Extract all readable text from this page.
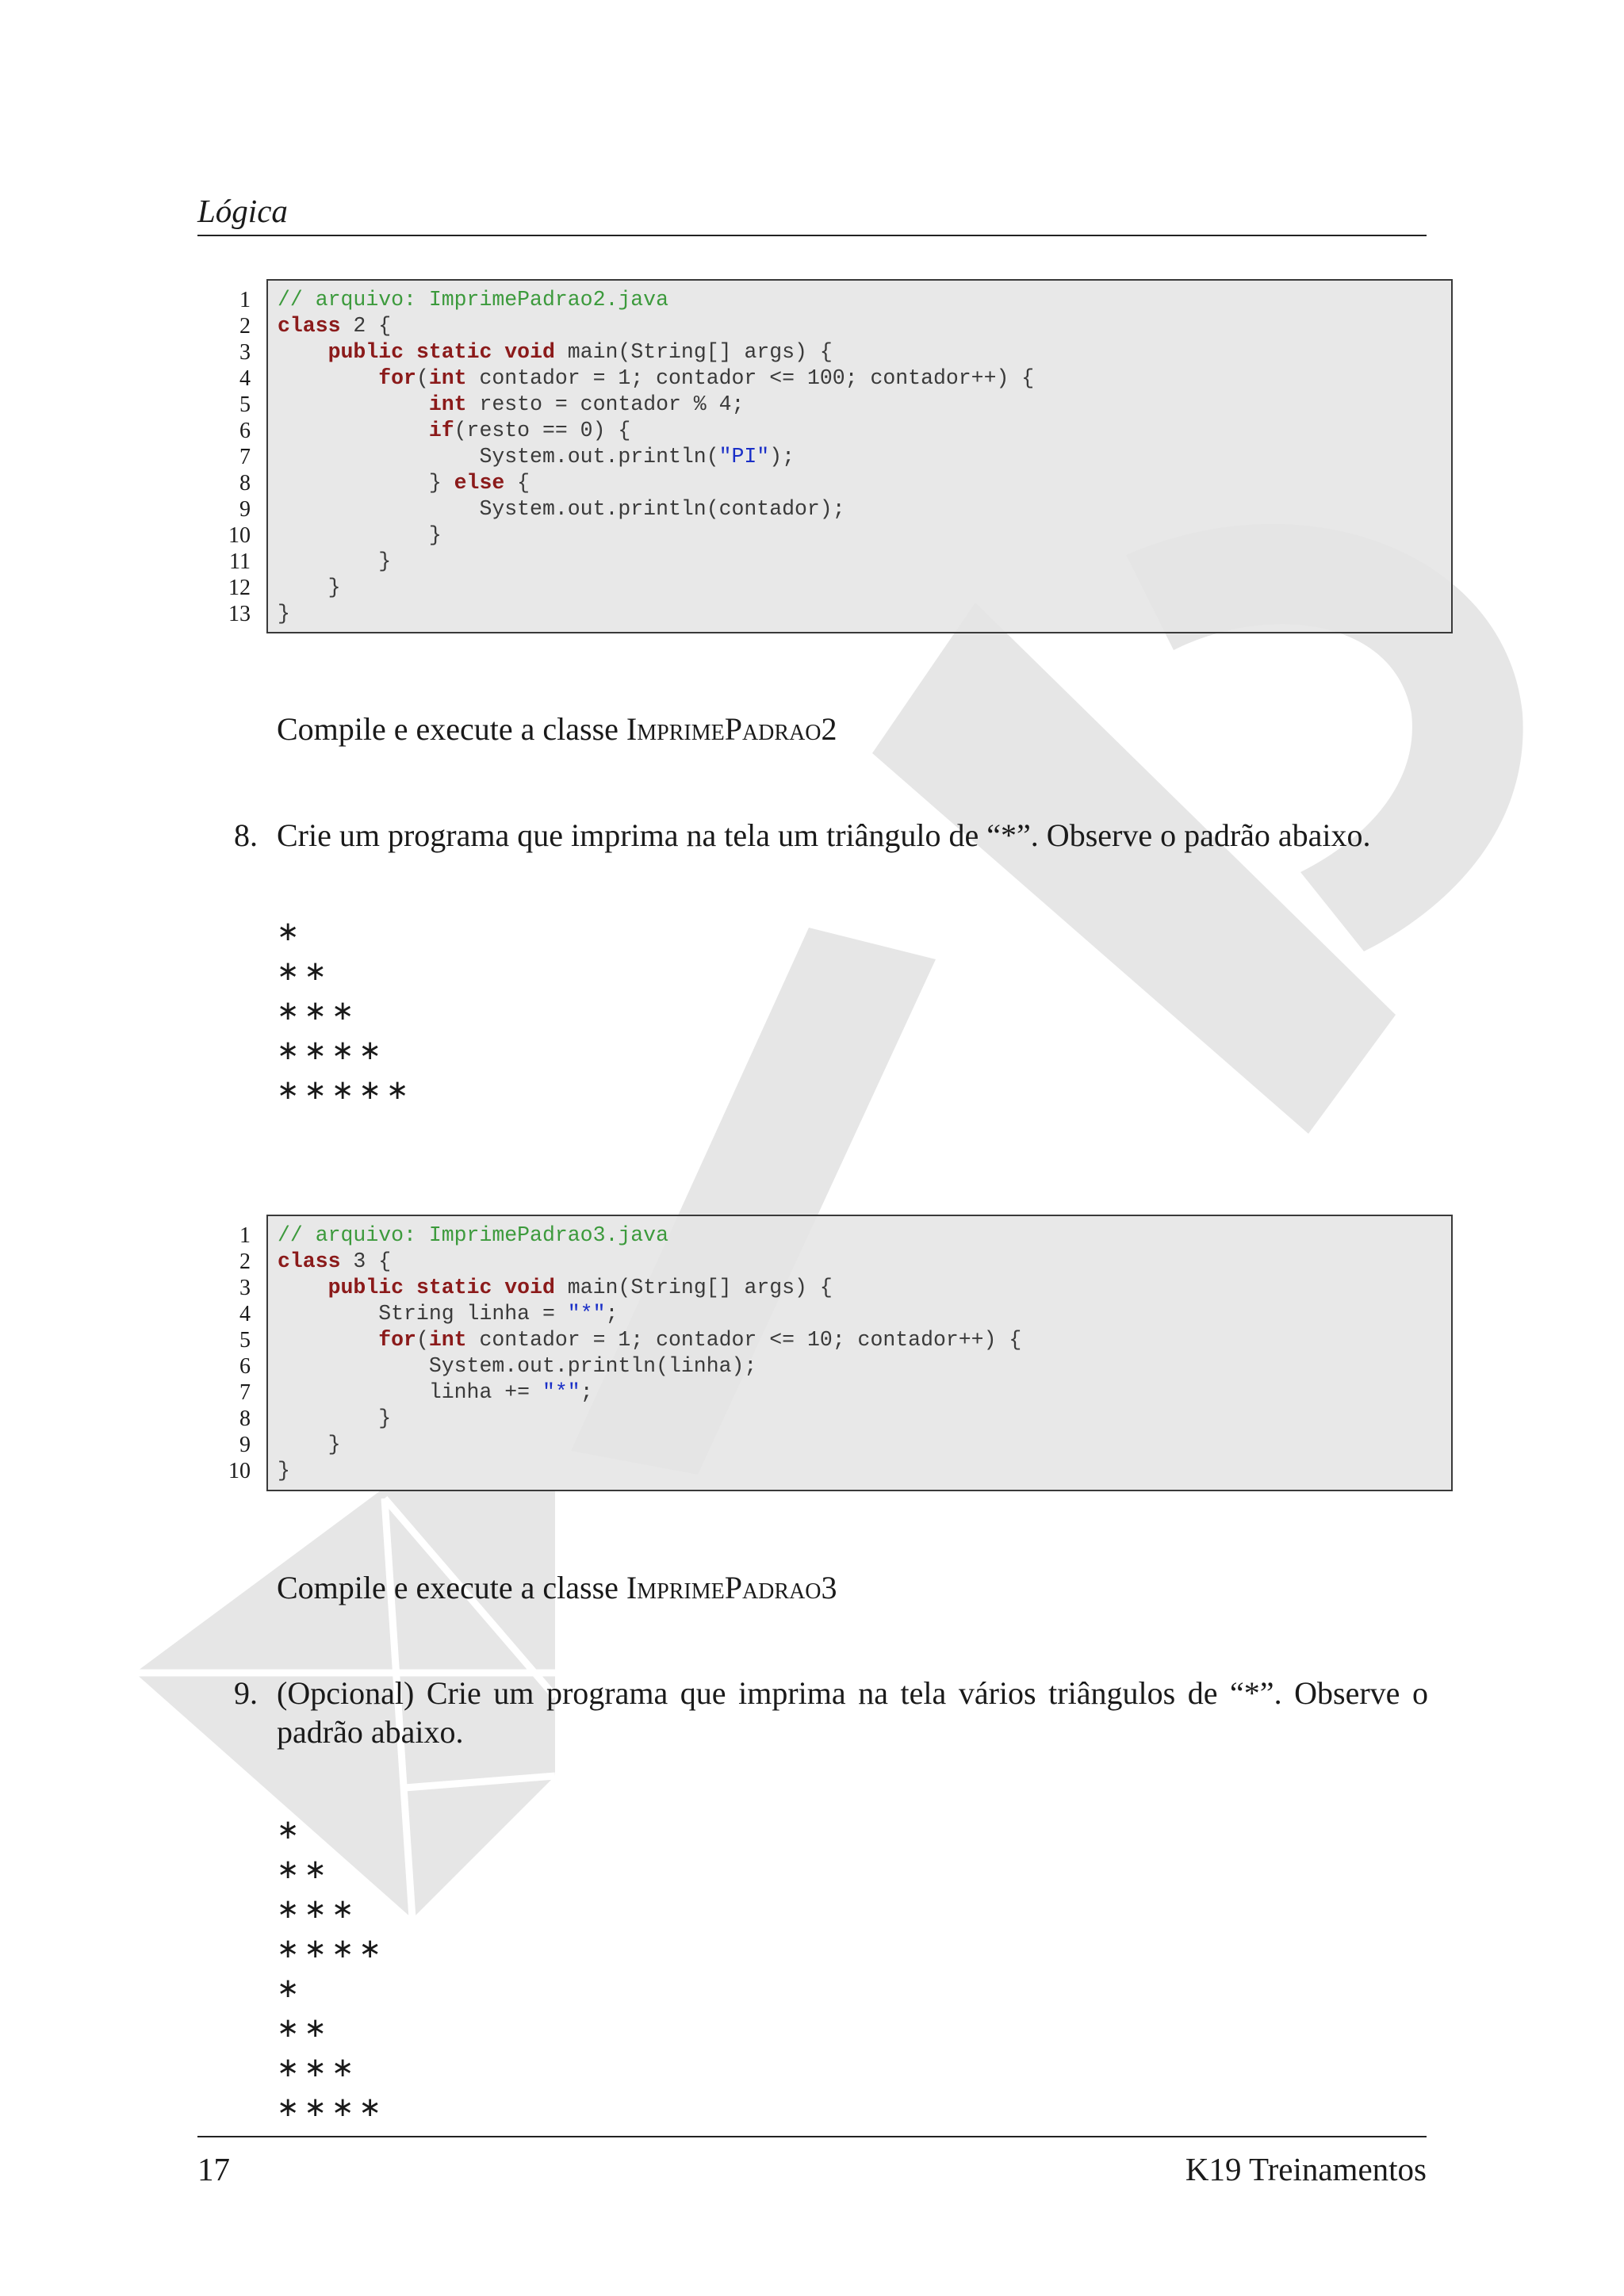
Lógica
1
2
3
4
5
6
7
8
9
10
11
12
13
// arquivo: ImprimePadrao2.java
class 2 {
public static void main(String[] args) {
for(int contador = 1; contador <= 100; contador++) {
int resto = contador % 4;
if(resto == 0) {
System.out.println("PI");
} else {
System.out.println(contador);
}
}
}
}
Compile e execute a classe ImprimePadrao2
8. Crie um programa que imprima na tela um triângulo de “*”. Observe o padrão abaixo.
∗
∗∗
∗∗∗
∗∗∗∗
∗∗∗∗∗
1
2
3
4
5
6
7
8
9
10
// arquivo: ImprimePadrao3.java
class 3 {
public static void main(String[] args) {
String linha = "*";
for(int contador = 1; contador <= 10; contador++) {
System.out.println(linha);
linha += "*";
}
}
}
Compile e execute a classe ImprimePadrao3
9. (Opcional) Crie um programa que imprima na tela vários triângulos de “*”. Observe o
padrão abaixo.
∗
∗∗
∗∗∗
∗∗∗∗
∗
∗∗
∗∗∗
∗∗∗∗
17	K19 Treinamentos
